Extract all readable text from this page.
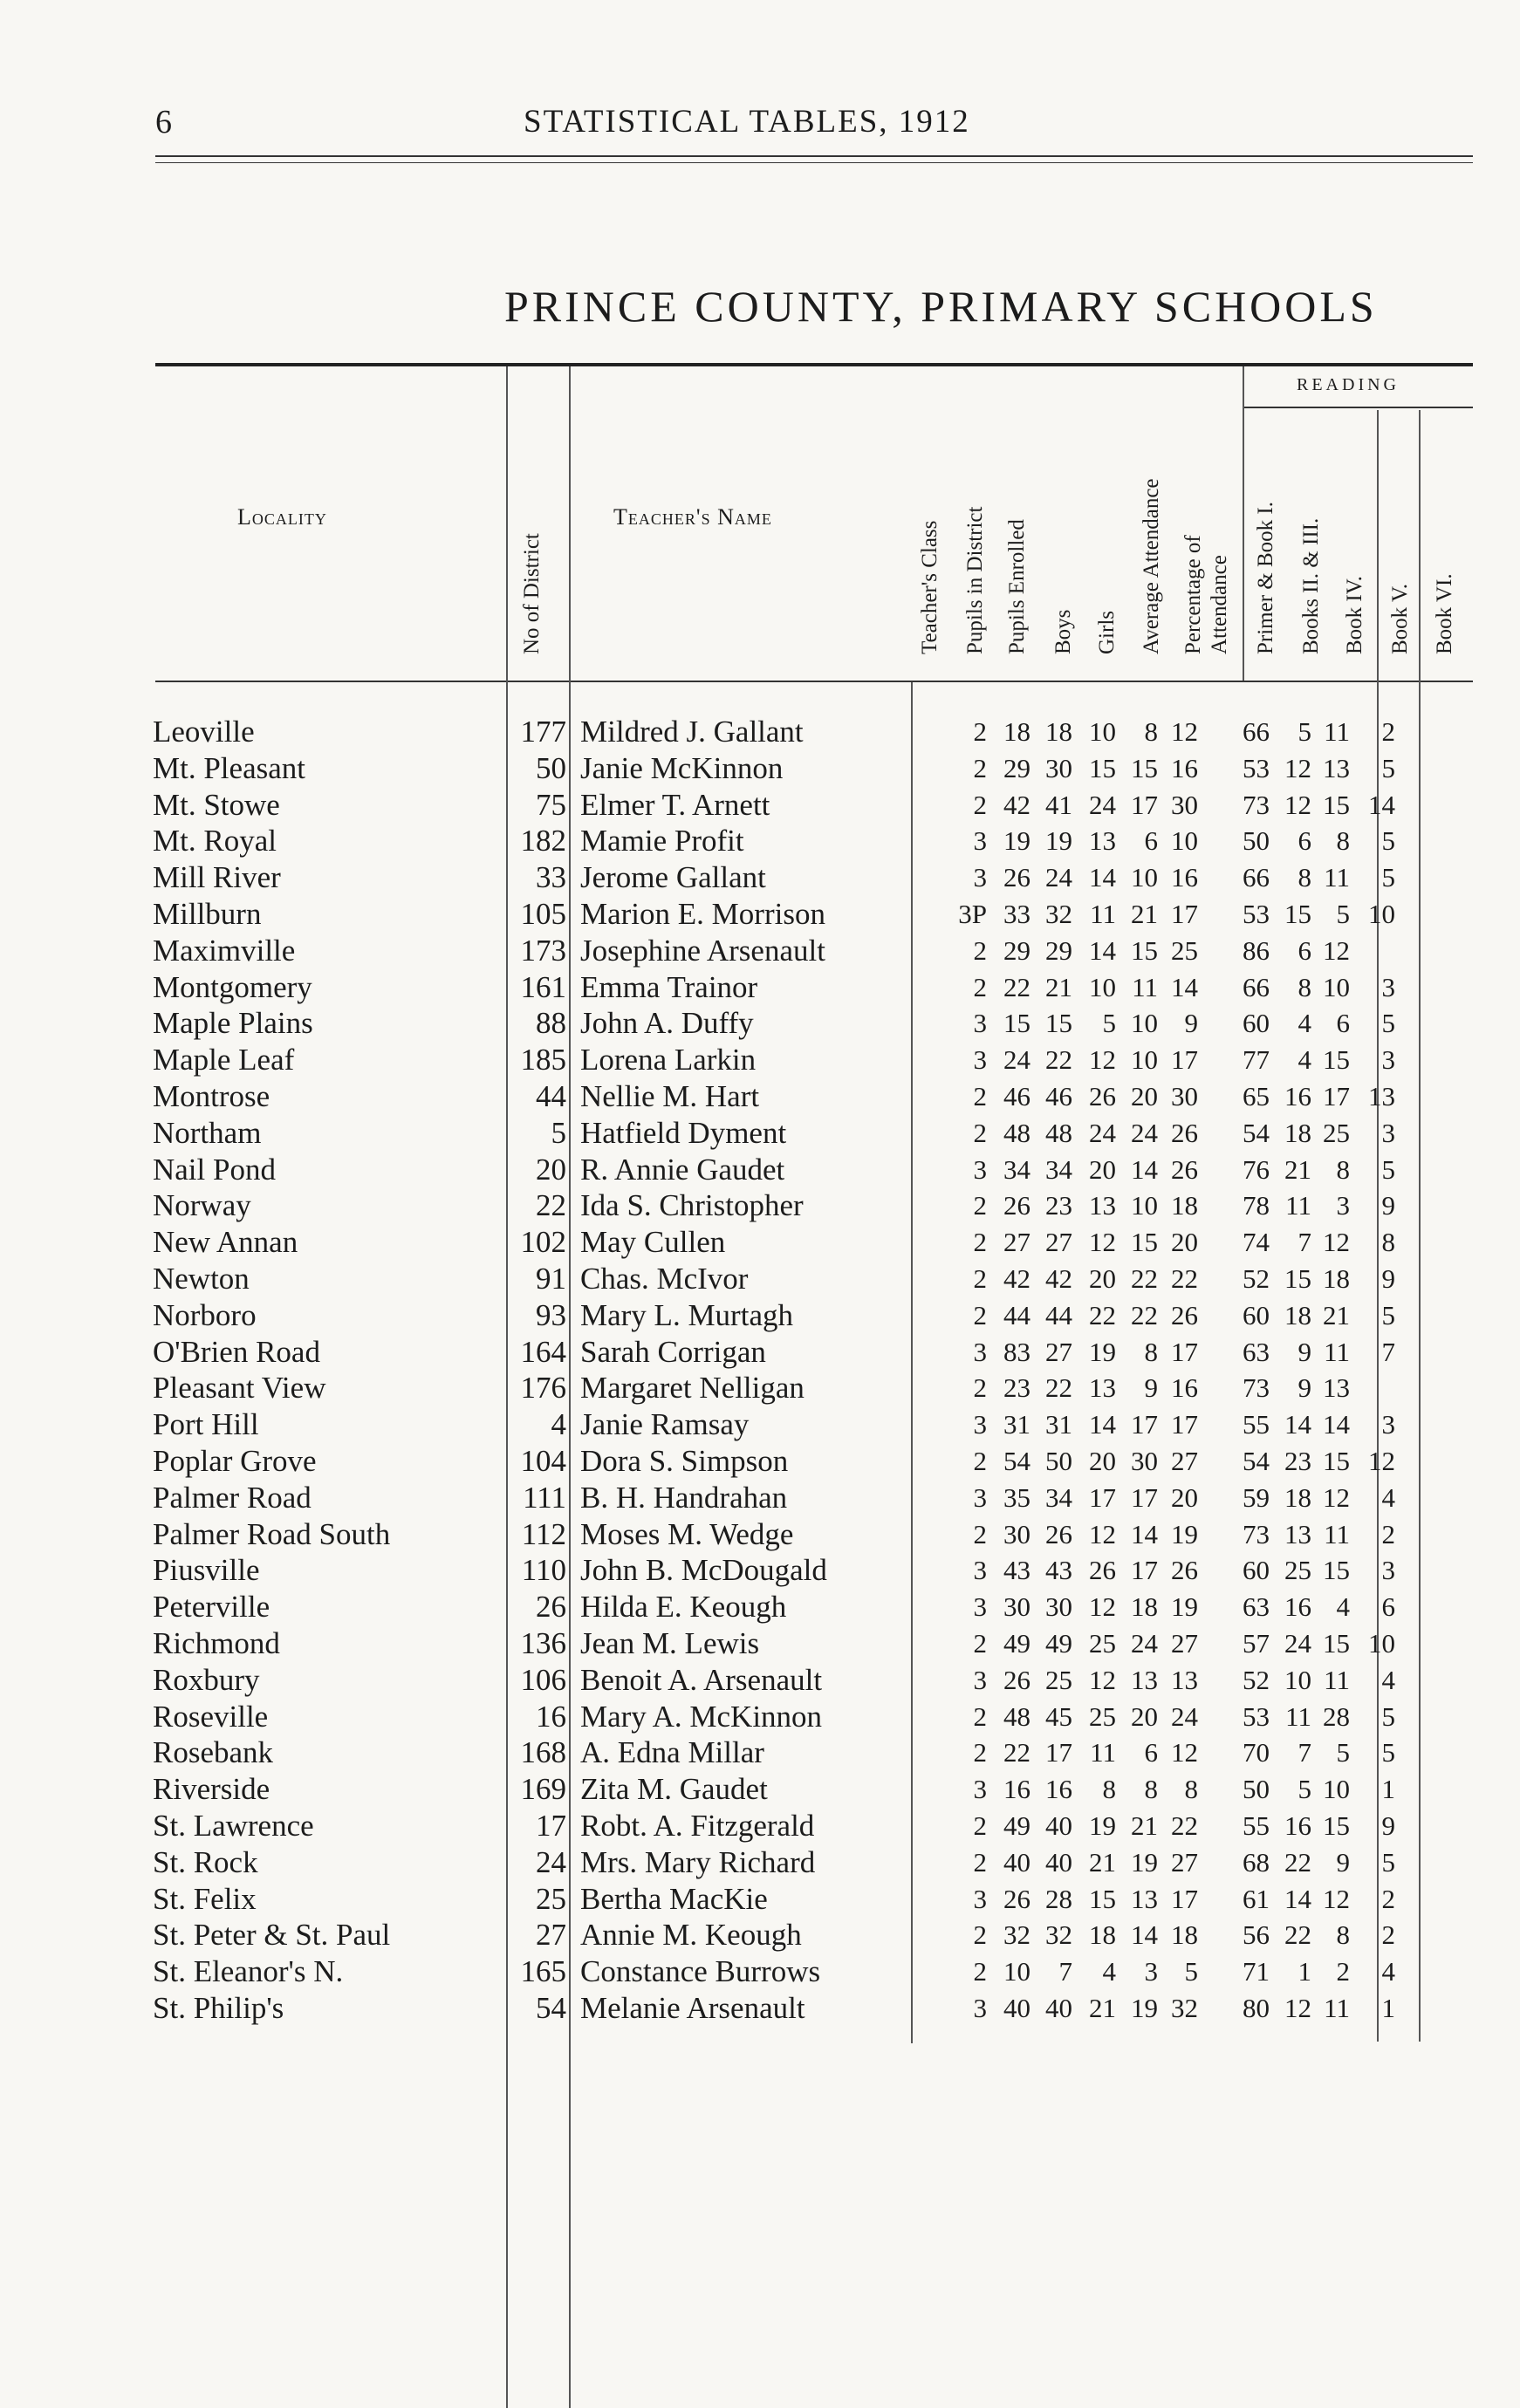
6	STATISTICAL TABLES, 1912
PRINCE COUNTY, PRIMARY SCHOOLS
Locality
No of District
Teacher's Name
Teacher's Class Pupils in District Pupils Enrolled Boys Girls Average Attendance Percentage of Attendance
READING
Primer & Book I. Books II. & III. Book IV. Book V. Book VI.
Leoville	177	Mildred J. Gallant	2	18	18	10	8	12	66	5	11	2		
Mt. Pleasant	50	Janie McKinnon	2	29	30	15	15	16	53	12	13	5		
Mt. Stowe	75	Elmer T. Arnett	2	42	41	24	17	30	73	12	15	14		
Mt. Royal	182	Mamie Profit	3	19	19	13	6	10	50	6	8	5		
Mill River	33	Jerome Gallant	3	26	24	14	10	16	66	8	11	5		
Millburn	105	Marion E. Morrison	3P	33	32	11	21	17	53	15	5	10		
Maximville	173	Josephine Arsenault	2	29	29	14	15	25	86	6	12			
Montgomery	161	Emma Trainor	2	22	21	10	11	14	66	8	10	3		
Maple Plains	88	John A. Duffy	3	15	15	5	10	9	60	4	6	5		
Maple Leaf	185	Lorena Larkin	3	24	22	12	10	17	77	4	15	3		
Montrose	44	Nellie M. Hart	2	46	46	26	20	30	65	16	17	13		
Northam	5	Hatfield Dyment	2	48	48	24	24	26	54	18	25	3		
Nail Pond	20	R. Annie Gaudet	3	34	34	20	14	26	76	21	8	5		
Norway	22	Ida S. Christopher	2	26	23	13	10	18	78	11	3	9		
New Annan	102	May Cullen	2	27	27	12	15	20	74	7	12	8		
Newton	91	Chas. McIvor	2	42	42	20	22	22	52	15	18	9		
Norboro	93	Mary L. Murtagh	2	44	44	22	22	26	60	18	21	5		
O'Brien Road	164	Sarah Corrigan	3	83	27	19	8	17	63	9	11	7		
Pleasant View	176	Margaret Nelligan	2	23	22	13	9	16	73	9	13			
Port Hill	4	Janie Ramsay	3	31	31	14	17	17	55	14	14	3		
Poplar Grove	104	Dora S. Simpson	2	54	50	20	30	27	54	23	15	12		
Palmer Road	111	B. H. Handrahan	3	35	34	17	17	20	59	18	12	4		
Palmer Road South	112	Moses M. Wedge	2	30	26	12	14	19	73	13	11	2		
Piusville	110	John B. McDougald	3	43	43	26	17	26	60	25	15	3		
Peterville	26	Hilda E. Keough	3	30	30	12	18	19	63	16	4	6		
Richmond	136	Jean M. Lewis	2	49	49	25	24	27	57	24	15	10		
Roxbury	106	Benoit A. Arsenault	3	26	25	12	13	13	52	10	11	4		
Roseville	16	Mary A. McKinnon	2	48	45	25	20	24	53	11	28	5		
Rosebank	168	A. Edna Millar	2	22	17	11	6	12	70	7	5	5		
Riverside	169	Zita M. Gaudet	3	16	16	8	8	8	50	5	10	1		
St. Lawrence	17	Robt. A. Fitzgerald	2	49	40	19	21	22	55	16	15	9		
St. Rock	24	Mrs. Mary Richard	2	40	40	21	19	27	68	22	9	5		
St. Felix	25	Bertha MacKie	3	26	28	15	13	17	61	14	12	2		
St. Peter & St. Paul	27	Annie M. Keough	2	32	32	18	14	18	56	22	8	2		
St. Eleanor's N.	165	Constance Burrows	2	10	7	4	3	5	71	1	2	4		
St. Philip's	54	Melanie Arsenault	3	40	40	21	19	32	80	12	11	1		
